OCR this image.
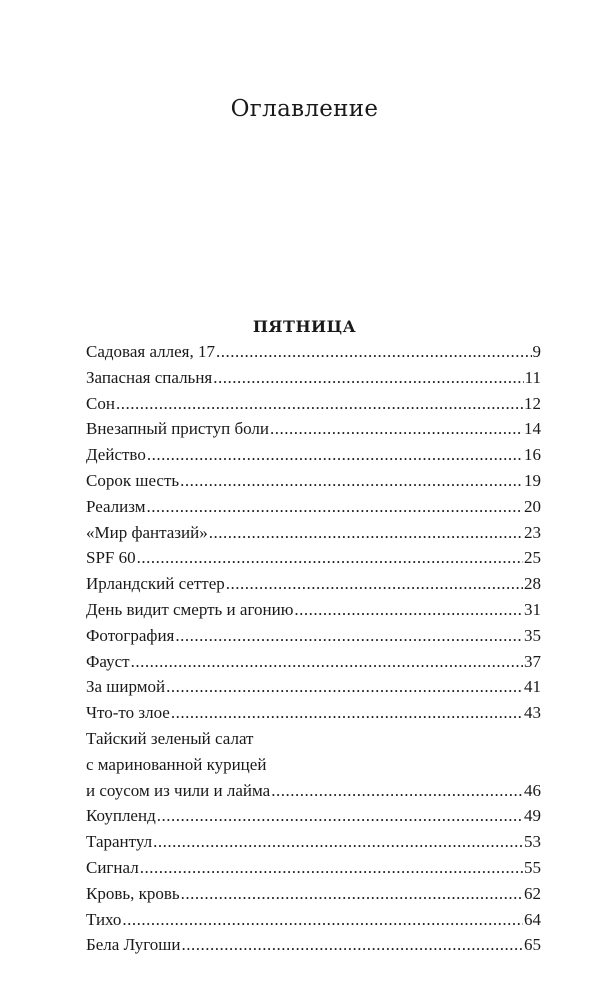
Оглавление
ПЯТНИЦА
Садовая аллея, 17 .....	9
Запасная спальня .....	11
Сон .....	12
Внезапный приступ боли .....	14
Действо .....	16
Сорок шесть .....	19
Реализм .....	20
«Мир фантазий» .....	23
SPF 60 .....	25
Ирландский сеттер .....	28
День видит смерть и агонию .....	31
Фотография .....	35
Фауст .....	37
За ширмой .....	41
Что-то злое .....	43
Тайский зеленый салат
с маринованной курицей
и соусом из чили и лайма .....	46
Коупленд .....	49
Тарантул .....	53
Сигнал .....	55
Кровь, кровь .....	62
Тихо .....	64
Бела Лугоши .....	65
